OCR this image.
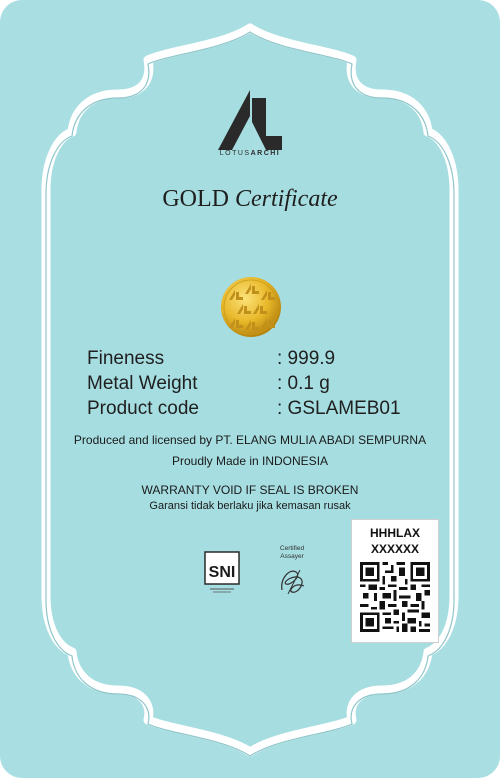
LOTUSARCHI
GOLD Certificate
Fineness	: 999.9
Metal Weight	: 0.1 g
Product code	: GSLAMEB01
Produced and licensed by PT. ELANG MULIA ABADI SEMPURNA
Proudly Made in INDONESIA
WARRANTY VOID IF SEAL IS BROKEN
Garansi tidak berlaku jika kemasan rusak
SNI
Certified
Assayer
HHHLAX
XXXXXX
